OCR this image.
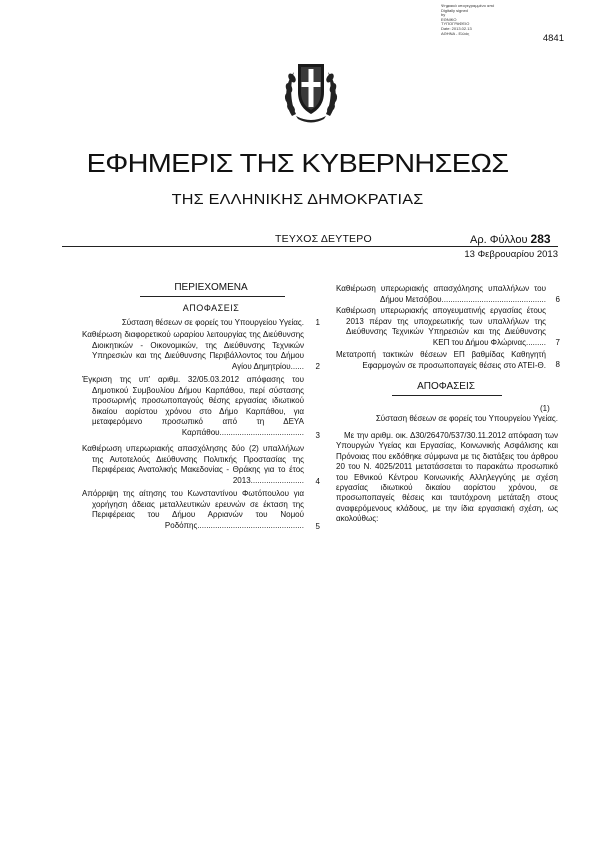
Ψηφιακά υπογεγραμμένο από
Digitally signed
by
ΕΘΝΙΚΟ
ΤΥΠΟΓΡΑΦΕΙΟ
Date: 2013.02.13
ΑΘΗΝΑ - Ελλάς	4841
ΕΦΗΜΕΡΙΣ ΤΗΣ ΚΥΒΕΡΝΗΣΕΩΣ
ΤΗΣ ΕΛΛΗΝΙΚΗΣ ΔΗΜΟΚΡΑΤΙΑΣ
ΤΕΥΧΟΣ ΔΕΥΤΕΡΟ	Αρ. Φύλλου 283
13 Φεβρουαρίου 2013
ΠΕΡΙΕΧΟΜΕΝΑ
ΑΠΟΦΑΣΕΙΣ
Σύσταση θέσεων σε φορείς του Υπουργείου Υγείας.	1
Καθιέρωση διαφορετικού ωραρίου λειτουργίας της Διεύθυνσης Διοικητικών - Οικονομικών, της Διεύθυνσης Τεχνικών Υπηρεσιών και της Διεύθυνσης Περιβάλλοντος του Δήμου Αγίου Δημητρίου......	2
Έγκριση της υπ' αριθμ. 32/05.03.2012 απόφασης του Δημοτικού Συμβουλίου Δήμου Καρπάθου, περί σύστασης προσωρινής προσωποπαγούς θέσης εργασίας ιδιωτικού δικαίου αορίστου χρόνου στο Δήμο Καρπάθου, για μεταφερόμενο προσωπικό από τη ΔΕΥΑ Καρπάθου......................................	3
Καθιέρωση υπερωριακής απασχόλησης δύο (2) υπαλλήλων της Αυτοτελούς Διεύθυνσης Πολιτικής Προστασίας της Περιφέρειας Ανατολικής Μακεδονίας - Θράκης για το έτος 2013........................	4
Απόρριψη της αίτησης του Κωνσταντίνου Φωτόπουλου για χορήγηση άδειας μεταλλευτικών ερευνών σε έκταση της Περιφέρειας του Δήμου Αρριανών του Νομού Ροδόπης................................................	5
Καθιέρωση υπερωριακής απασχόλησης υπαλλήλων του Δήμου Μετσόβου...............................................	6
Καθιέρωση υπερωριακής απογευματινής εργασίας έτους 2013 πέραν της υποχρεωτικής των υπαλλήλων της Διεύθυνσης Τεχνικών Υπηρεσιών και της Διεύθυνσης ΚΕΠ του Δήμου Φλώρινας.........	7
Μετατροπή τακτικών θέσεων ΕΠ βαθμίδας Καθηγητή Εφαρμογών σε προσωποπαγείς θέσεις στο ΑΤΕΙ-Θ.	8
ΑΠΟΦΑΣΕΙΣ
(1)
Σύσταση θέσεων σε φορείς του Υπουργείου Υγείας.
Με την αριθμ. οικ. Δ30/26470/537/30.11.2012 απόφαση των Υπουργών Υγείας και Εργασίας, Κοινωνικής Ασφάλισης και Πρόνοιας που εκδόθηκε σύμφωνα με τις διατάξεις του άρθρου 20 του Ν. 4025/2011 μετατάσσεται το παρακάτω προσωπικό του Εθνικού Κέντρου Κοινωνικής Αλληλεγγύης με σχέση εργασίας ιδιωτικού δικαίου αορίστου χρόνου, σε προσωποπαγείς θέσεις και ταυτόχρονη μετάταξη στους αναφερόμενους κλάδους, με την ίδια εργασιακή σχέση, ως ακολούθως:
